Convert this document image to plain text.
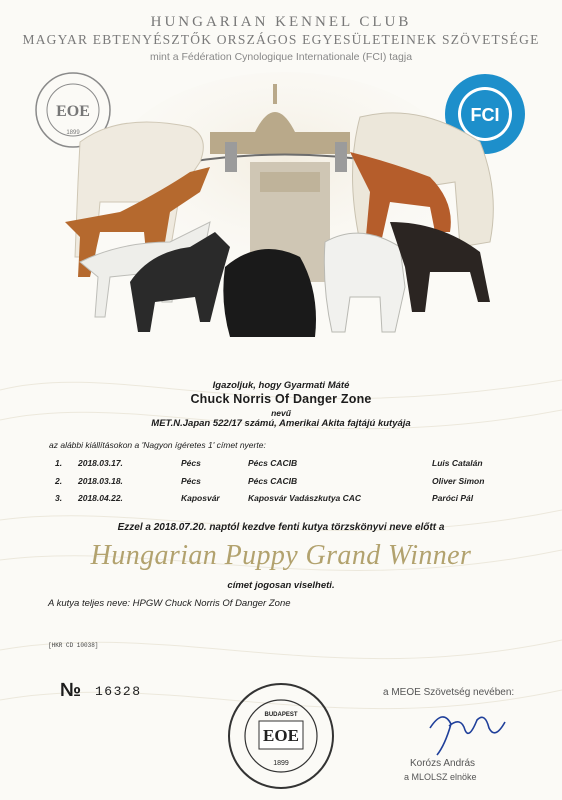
HUNGARIAN KENNEL CLUB
MAGYAR EBTENYÉSZTŐK ORSZÁGOS EGYESÜLETEINEK SZÖVETSÉGE
mint a Fédération Cynologique Internationale (FCI) tagja
EOE
1899
FCI
Igazoljuk, hogy Gyarmati Máté
Chuck Norris Of Danger Zone
nevű
MET.N.Japan 522/17 számú, Amerikai Akita fajtájú kutyája
az alábbi kiállításokon a 'Nagyon ígéretes 1' címet nyerte:
1. 2018.03.17.	Pécs	Pécs CACIB	Luis Catalán
2. 2018.03.18.	Pécs	Pécs CACIB	Oliver Simon
3. 2018.04.22.	Kaposvár	Kaposvár Vadászkutya CAC	Paróci Pál
Ezzel a 2018.07.20. naptól kezdve fenti kutya törzskönyvi neve előtt a
Hungarian Puppy Grand Winner
címet jogosan viselheti.
A kutya teljes neve: HPGW Chuck Norris Of Danger Zone
[HKR CD 10038]
№ 16328
EOE
BUDAPEST
1899
a MEOE Szövetség nevében:
Korózs András
a MLOLSZ elnöke
